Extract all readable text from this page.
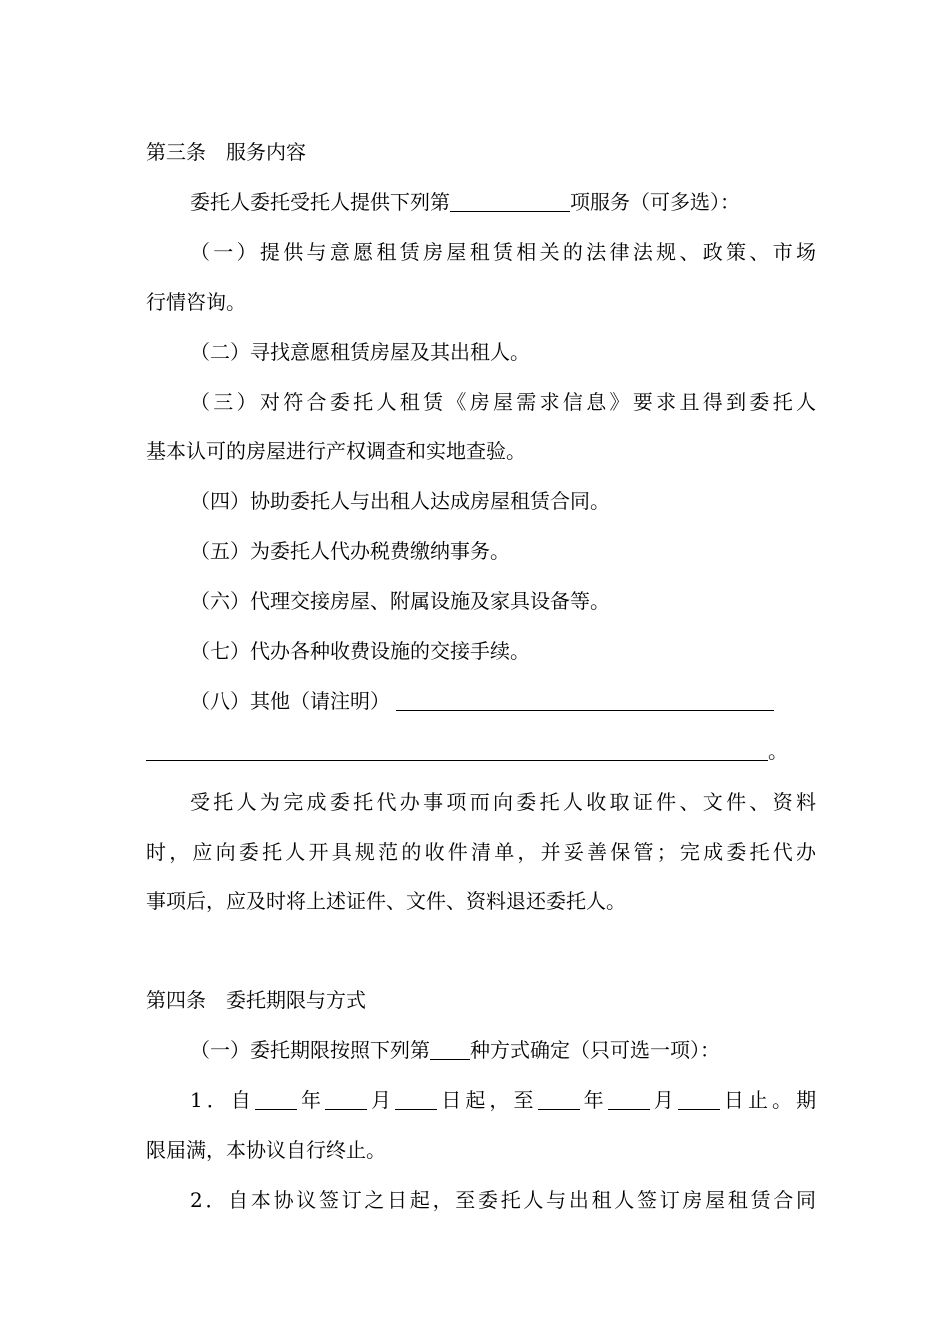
第三条 服务内容
委托人委托受托人提供下列第	项服务（可多选）：
（一）提供与意愿租赁房屋租赁相关的法律法规、政策、市场
行情咨询。
（二）寻找意愿租赁房屋及其出租人。
（三）对符合委托人租赁《房屋需求信息》要求且得到委托人
基本认可的房屋进行产权调查和实地查验。
（四）协助委托人与出租人达成房屋租赁合同。
（五）为委托人代办税费缴纳事务。
（六）代理交接房屋、附属设施及家具设备等。
（七）代办各种收费设施的交接手续。
（八）其他（请注明）
。
受托人为完成委托代办事项而向委托人收取证件、文件、资料
时，应向委托人开具规范的收件清单，并妥善保管；完成委托代办
事项后，应及时将上述证件、文件、资料退还委托人。
第四条 委托期限与方式
（一）委托期限按照下列第 种方式确定（只可选一项）：
1．自 年 月 日起，至 年 月 日止。期
限届满，本协议自行终止。
2．自本协议签订之日起，至委托人与出租人签订房屋租赁合同
